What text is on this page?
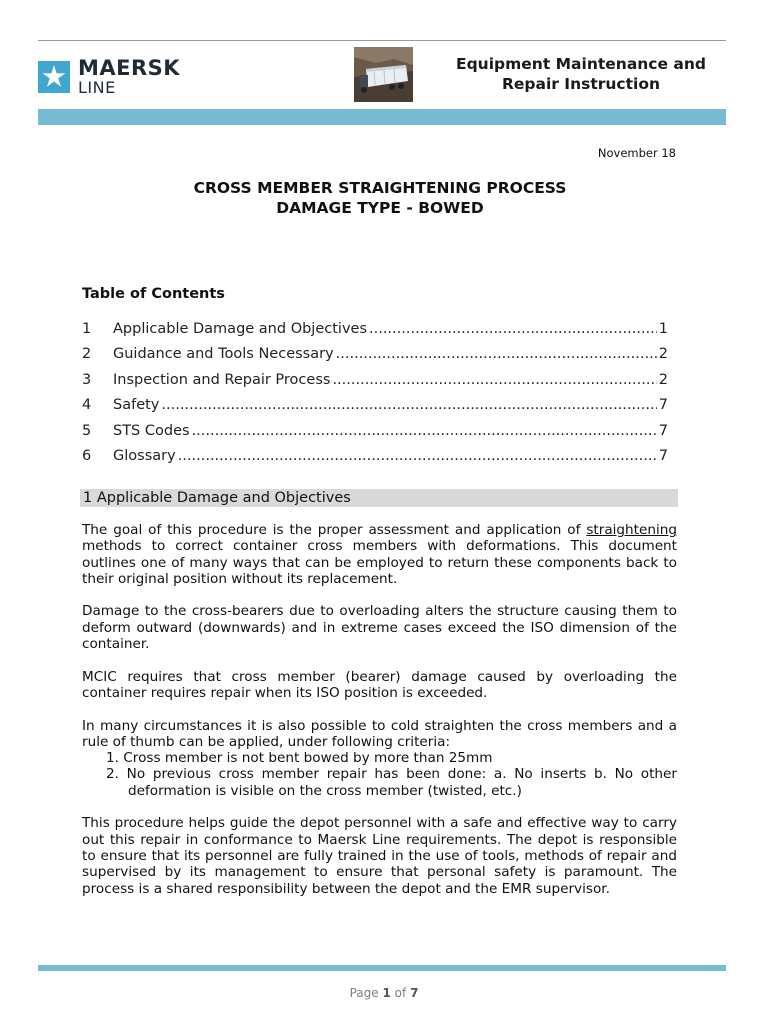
MAERSK
LINE
Equipment Maintenance and
Repair Instruction
November 18
CROSS MEMBER STRAIGHTENING PROCESS
DAMAGE TYPE - BOWED
Table of Contents
1	Applicable Damage and Objectives .....	1
2	Guidance and Tools Necessary .....	2
3	Inspection and Repair Process .....	2
4	Safety .....	7
5	STS Codes .....	7
6	Glossary .....	7
1 Applicable Damage and Objectives

The goal of this procedure is the proper assessment and application of straightening methods to correct container cross members with deformations. This document outlines one of many ways that can be employed to return these components back to their original position without its replacement.

Damage to the cross-bearers due to overloading alters the structure causing them to deform outward (downwards) and in extreme cases exceed the ISO dimension of the container.

MCIC requires that cross member (bearer) damage caused by overloading the container requires repair when its ISO position is exceeded.

In many circumstances it is also possible to cold straighten the cross members and a rule of thumb can be applied, under following criteria:

1. Cross member is not bent bowed by more than 25mm
2. No previous cross member repair has been done: a. No inserts b. No other deformation is visible on the cross member (twisted, etc.)

This procedure helps guide the depot personnel with a safe and effective way to carry out this repair in conformance to Maersk Line requirements. The depot is responsible to ensure that its personnel are fully trained in the use of tools, methods of repair and supervised by its management to ensure that personal safety is paramount. The process is a shared responsibility between the depot and the EMR supervisor.

Page 1 of 7
